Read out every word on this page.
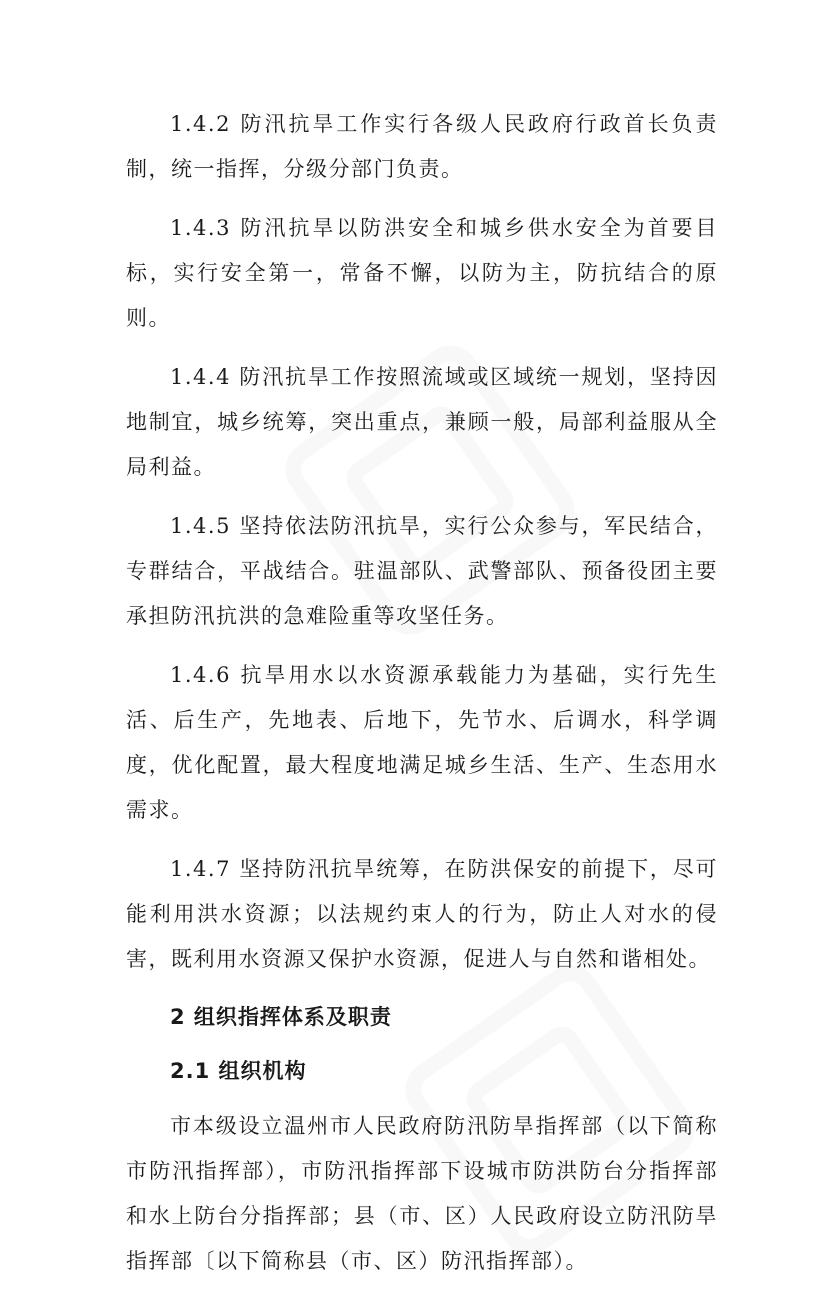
1.4.2 防汛抗旱工作实行各级人民政府行政首长负责制，统一指挥，分级分部门负责。

1.4.3 防汛抗旱以防洪安全和城乡供水安全为首要目标，实行安全第一，常备不懈，以防为主，防抗结合的原则。

1.4.4 防汛抗旱工作按照流域或区域统一规划，坚持因地制宜，城乡统筹，突出重点，兼顾一般，局部利益服从全局利益。

1.4.5 坚持依法防汛抗旱，实行公众参与，军民结合，专群结合，平战结合。驻温部队、武警部队、预备役团主要承担防汛抗洪的急难险重等攻坚任务。

1.4.6 抗旱用水以水资源承载能力为基础，实行先生活、后生产，先地表、后地下，先节水、后调水，科学调度，优化配置，最大程度地满足城乡生活、生产、生态用水需求。

1.4.7 坚持防汛抗旱统筹，在防洪保安的前提下，尽可能利用洪水资源；以法规约束人的行为，防止人对水的侵害，既利用水资源又保护水资源，促进人与自然和谐相处。

2 组织指挥体系及职责
2.1 组织机构

市本级设立温州市人民政府防汛防旱指挥部（以下简称市防汛指挥部），市防汛指挥部下设城市防洪防台分指挥部和水上防台分指挥部；县（市、区）人民政府设立防汛防旱指挥部〔以下简称县（市、区）防汛指挥部）。
